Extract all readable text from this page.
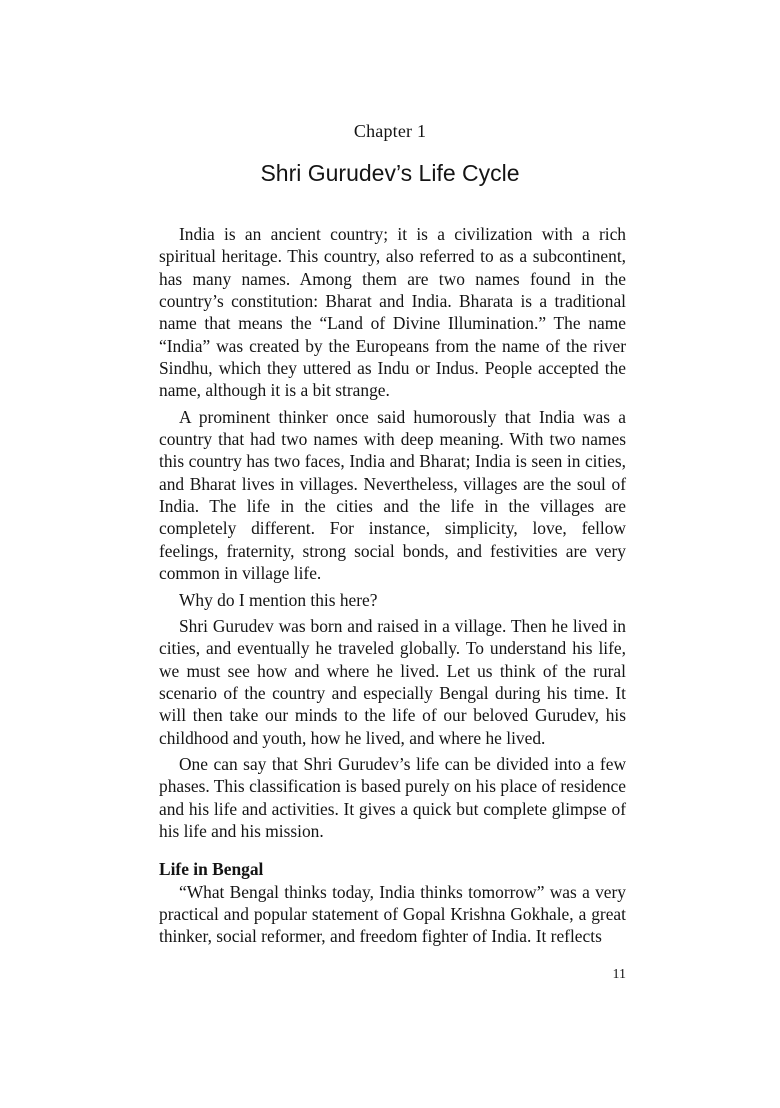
Chapter 1
Shri Gurudev’s Life Cycle

India is an ancient country; it is a civilization with a rich spiritual heritage. This country, also referred to as a subcontinent, has many names. Among them are two names found in the country’s constitution: Bharat and India. Bharata is a traditional name that means the “Land of Divine Illumination.” The name “India” was created by the Europeans from the name of the river Sindhu, which they uttered as Indu or Indus. People accepted the name, although it is a bit strange.

A prominent thinker once said humorously that India was a country that had two names with deep meaning. With two names this country has two faces, India and Bharat; India is seen in cities, and Bharat lives in villages. Nevertheless, villages are the soul of India. The life in the cities and the life in the villages are completely different. For instance, simplicity, love, fellow feelings, fraternity, strong social bonds, and festivities are very common in village life.

Why do I mention this here?

Shri Gurudev was born and raised in a village. Then he lived in cities, and eventually he traveled globally. To understand his life, we must see how and where he lived. Let us think of the rural scenario of the country and especially Bengal during his time. It will then take our minds to the life of our beloved Gurudev, his childhood and youth, how he lived, and where he lived.

One can say that Shri Gurudev’s life can be divided into a few phases. This classification is based purely on his place of residence and his life and activities. It gives a quick but complete glimpse of his life and his mission.

Life in Bengal

“What Bengal thinks today, India thinks tomorrow” was a very practical and popular statement of Gopal Krishna Gokhale, a great thinker, social reformer, and freedom fighter of India. It reflects

11
